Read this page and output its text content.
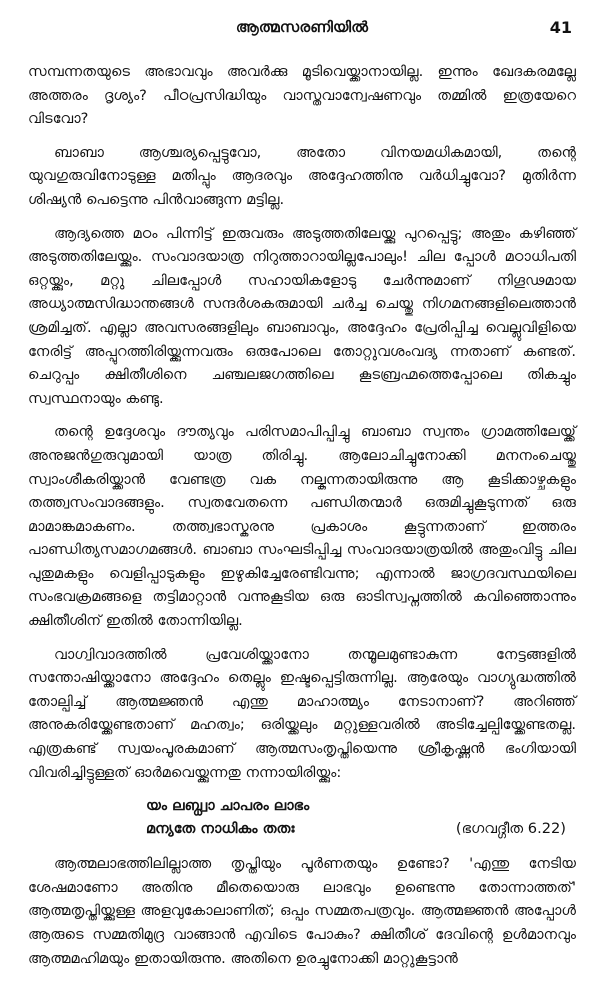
ആത്മസരണിയിൽ	41

സമ്പന്നതയുടെ അഭാവവും അവർക്കു മൂടിവെയ്ക്കാനായില്ല. ഇന്നും ഖേദകരമല്ലേ അത്തരം ദൃശ്യം? പീഠപ്രസിദ്ധിയും വാസ്തവാന്വേഷണവും തമ്മിൽ ഇത്രയേറെ വിടവോ?

ബാബാ ആശ്ചര്യപ്പെട്ടുവോ, അതോ വിനയമധികമായി, തന്റെ യുവഗുരുവിനോടുള്ള മതിപ്പും ആദരവും അദ്ദേഹത്തിനു വർധിച്ചുവോ? മുതിർന്ന ശിഷ്യൻ പെട്ടെന്നു പിൻവാങ്ങുന്ന മട്ടില്ല.

ആദ്യത്തെ മഠം പിന്നിട്ട് ഇരുവരും അടുത്തതിലേയ്ക്കു പുറപ്പെട്ടു; അതും കഴിഞ്ഞ് അടുത്തതിലേയ്ക്കും. സംവാദയാത്ര നിറുത്താറായില്ലപോലും! ചില പ്പോൾ മഠാധിപതി ഒറ്റയ്ക്കും, മറ്റു ചിലപ്പോൾ സഹായികളോടു ചേർന്നുമാണ് നിഗൂഢമായ അധ്യാത്മസിദ്ധാന്തങ്ങൾ സന്ദർശകരുമായി ചർച്ച ചെയ്തു നിഗമനങ്ങളിലെത്താൻ ശ്രമിച്ചത്. എല്ലാ അവസരങ്ങളിലും ബാബാവും, അദ്ദേഹം പ്രേരിപ്പിച്ച വെല്ലുവിളിയെ നേരിട്ട് അപ്പുറത്തിരിയ്ക്കുന്നവരും ഒരുപോലെ തോറ്റുവശംവദ്യ ന്നതാണ് കണ്ടത്. ചെറുപ്പം ക്ഷിതീശിനെ ചഞ്ചലജഗത്തിലെ കൂടബ്രഹ്മത്തെപ്പോലെ തികച്ചും സ്വസ്ഥനായും കണ്ടു.

തന്റെ ഉദ്ദേശവും ദൗത്യവും പരിസമാപിപ്പിച്ചു ബാബാ സ്വന്തം ഗ്രാമത്തിലേയ്ക്ക് അനുജൻഗുരുവുമായി യാത്ര തിരിച്ചു. ആലോചിച്ചുനോക്കി മനനംചെയ്തു സ്വാംശീകരിയ്ക്കാൻ വേണ്ടത്ര വക നല്കുന്നതായിരുന്നു ആ കൂടിക്കാഴ്ചകളും തത്ത്വസംവാദങ്ങളും. സ്വതവേതന്നെ പണ്ഡിതന്മാർ ഒരുമിച്ചുകൂടുന്നത് ഒരു മാമാങ്കമാകണം. തത്ത്വഭാസ്കരനു പ്രകാശം കൂട്ടുന്നതാണ് ഇത്തരം പാണ്ഡിത്യസമാഗമങ്ങൾ. ബാബാ സംഘടിപ്പിച്ച സംവാദയാത്രയിൽ അതുംവിട്ടു ചില പുതുമകളും വെളിപ്പാടുകളും ഇഴുകിച്ചേരേണ്ടിവന്നു; എന്നാൽ ജാഗ്രദവസ്ഥയിലെ സംഭവക്രമങ്ങളെ തട്ടിമാറ്റാൻ വന്നുകൂടിയ ഒരു ഓടിസ്വപ്നത്തിൽ കവിഞ്ഞൊന്നും ക്ഷിതീശിന് ഇതിൽ തോന്നിയില്ല.

വാഗ്വിവാദത്തിൽ പ്രവേശിയ്ക്കാനോ തന്മൂലമുണ്ടാകുന്ന നേട്ടങ്ങളിൽ സന്തോഷിയ്ക്കാനോ അദ്ദേഹം തെല്ലും ഇഷ്ടപ്പെട്ടിരുന്നില്ല. ആരേയും വാഗ്യുദ്ധത്തിൽ തോല്പിച്ച് ആത്മജ്ഞൻ എന്തു മാഹാത്മ്യം നേടാനാണ്? അറിഞ്ഞ് അനുകരിയ്ക്കേണ്ടതാണ് മഹത്വം; ഒരിയ്ക്കലും മറ്റുള്ളവരിൽ അടിച്ചേല്പിയ്ക്കേണ്ടതല്ല. എത്രകണ്ട് സ്വയംപൂരകമാണ് ആത്മസംതൃപ്തിയെന്നു ശ്രീകൃഷ്ണൻ ഭംഗിയായി വിവരിച്ചിട്ടുള്ളത് ഓർമവെയ്ക്കുന്നതു നന്നായിരിയ്ക്കും:

യം ലബ്ധ്വാ ചാപരം ലാഭം
മന്യതേ നാധികം തതഃ	(ഭഗവദ്ഗീത 6.22)

ആത്മലാഭത്തിലില്ലാത്ത തൃപ്തിയും പൂർണതയും ഉണ്ടോ? 'എന്തു നേടിയ ശേഷമാണോ അതിനു മീതെയൊരു ലാഭവും ഉണ്ടെന്നു തോന്നാത്തത്' ആത്മതൃപ്തിയ്ക്കുള്ള അളവുകോലാണിത്; ഒപ്പം സമ്മതപത്രവും. ആത്മജ്ഞൻ അപ്പോൾ ആരുടെ സമ്മതിമുദ്ര വാങ്ങാൻ എവിടെ പോകും? ക്ഷിതീശ് ദേവിന്റെ ഉൾമാനവും ആത്മമഹിമയും ഇതായിരുന്നു. അതിനെ ഉരച്ചുനോക്കി മാറ്റുകൂട്ടാൻ
